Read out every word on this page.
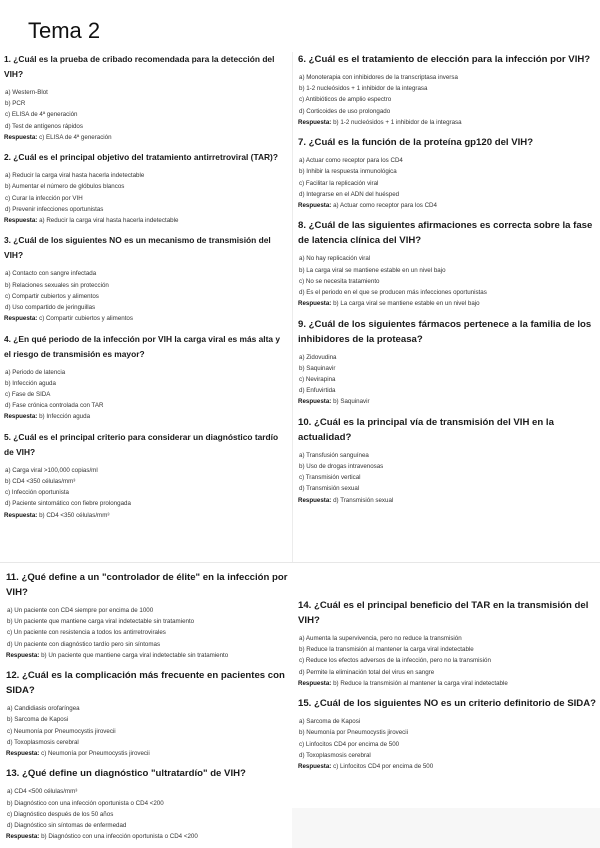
Tema 2
1. ¿Cuál es la prueba de cribado recomendada para la detección del VIH?
a) Western-Blot
b) PCR
c) ELISA de 4ª generación
d) Test de antígenos rápidos
Respuesta: c) ELISA de 4ª generación
2. ¿Cuál es el principal objetivo del tratamiento antirretroviral (TAR)?
a) Reducir la carga viral hasta hacerla indetectable
b) Aumentar el número de glóbulos blancos
c) Curar la infección por VIH
d) Prevenir infecciones oportunistas
Respuesta: a) Reducir la carga viral hasta hacerla indetectable
3. ¿Cuál de los siguientes NO es un mecanismo de transmisión del VIH?
a) Contacto con sangre infectada
b) Relaciones sexuales sin protección
c) Compartir cubiertos y alimentos
d) Uso compartido de jeringuillas
Respuesta: c) Compartir cubiertos y alimentos
4. ¿En qué periodo de la infección por VIH la carga viral es más alta y el riesgo de transmisión es mayor?
a) Periodo de latencia
b) Infección aguda
c) Fase de SIDA
d) Fase crónica controlada con TAR
Respuesta: b) Infección aguda
5. ¿Cuál es el principal criterio para considerar un diagnóstico tardío de VIH?
a) Carga viral >100,000 copias/ml
b) CD4 <350 células/mm³
c) Infección oportunista
d) Paciente sintomático con fiebre prolongada
Respuesta: b) CD4 <350 células/mm³
6. ¿Cuál es el tratamiento de elección para la infección por VIH?
a) Monoterapia con inhibidores de la transcriptasa inversa
b) 1-2 nucleósidos + 1 inhibidor de la integrasa
c) Antibióticos de amplio espectro
d) Corticoides de uso prolongado
Respuesta: b) 1-2 nucleósidos + 1 inhibidor de la integrasa
7. ¿Cuál es la función de la proteína gp120 del VIH?
a) Actuar como receptor para los CD4
b) Inhibir la respuesta inmunológica
c) Facilitar la replicación viral
d) Integrarse en el ADN del huésped
Respuesta: a) Actuar como receptor para los CD4
8. ¿Cuál de las siguientes afirmaciones es correcta sobre la fase de latencia clínica del VIH?
a) No hay replicación viral
b) La carga viral se mantiene estable en un nivel bajo
c) No se necesita tratamiento
d) Es el periodo en el que se producen más infecciones oportunistas
Respuesta: b) La carga viral se mantiene estable en un nivel bajo
9. ¿Cuál de los siguientes fármacos pertenece a la familia de los inhibidores de la proteasa?
a) Zidovudina
b) Saquinavir
c) Nevirapina
d) Enfuvirtida
Respuesta: b) Saquinavir
10. ¿Cuál es la principal vía de transmisión del VIH en la actualidad?
a) Transfusión sanguínea
b) Uso de drogas intravenosas
c) Transmisión vertical
d) Transmisión sexual
Respuesta: d) Transmisión sexual
11. ¿Qué define a un "controlador de élite" en la infección por VIH?
a) Un paciente con CD4 siempre por encima de 1000
b) Un paciente que mantiene carga viral indetectable sin tratamiento
c) Un paciente con resistencia a todos los antirretrovirales
d) Un paciente con diagnóstico tardío pero sin síntomas
Respuesta: b) Un paciente que mantiene carga viral indetectable sin tratamiento
12. ¿Cuál es la complicación más frecuente en pacientes con SIDA?
a) Candidiasis orofaríngea
b) Sarcoma de Kaposi
c) Neumonía por Pneumocystis jirovecii
d) Toxoplasmosis cerebral
Respuesta: c) Neumonía por Pneumocystis jirovecii
13. ¿Qué define un diagnóstico "ultratardío" de VIH?
a) CD4 <500 células/mm³
b) Diagnóstico con una infección oportunista o CD4 <200
c) Diagnóstico después de los 50 años
d) Diagnóstico sin síntomas de enfermedad
Respuesta: b) Diagnóstico con una infección oportunista o CD4 <200
14. ¿Cuál es el principal beneficio del TAR en la transmisión del VIH?
a) Aumenta la supervivencia, pero no reduce la transmisión
b) Reduce la transmisión al mantener la carga viral indetectable
c) Reduce los efectos adversos de la infección, pero no la transmisión
d) Permite la eliminación total del virus en sangre
Respuesta: b) Reduce la transmisión al mantener la carga viral indetectable
15. ¿Cuál de los siguientes NO es un criterio definitorio de SIDA?
a) Sarcoma de Kaposi
b) Neumonía por Pneumocystis jirovecii
c) Linfocitos CD4 por encima de 500
d) Toxoplasmosis cerebral
Respuesta: c) Linfocitos CD4 por encima de 500
